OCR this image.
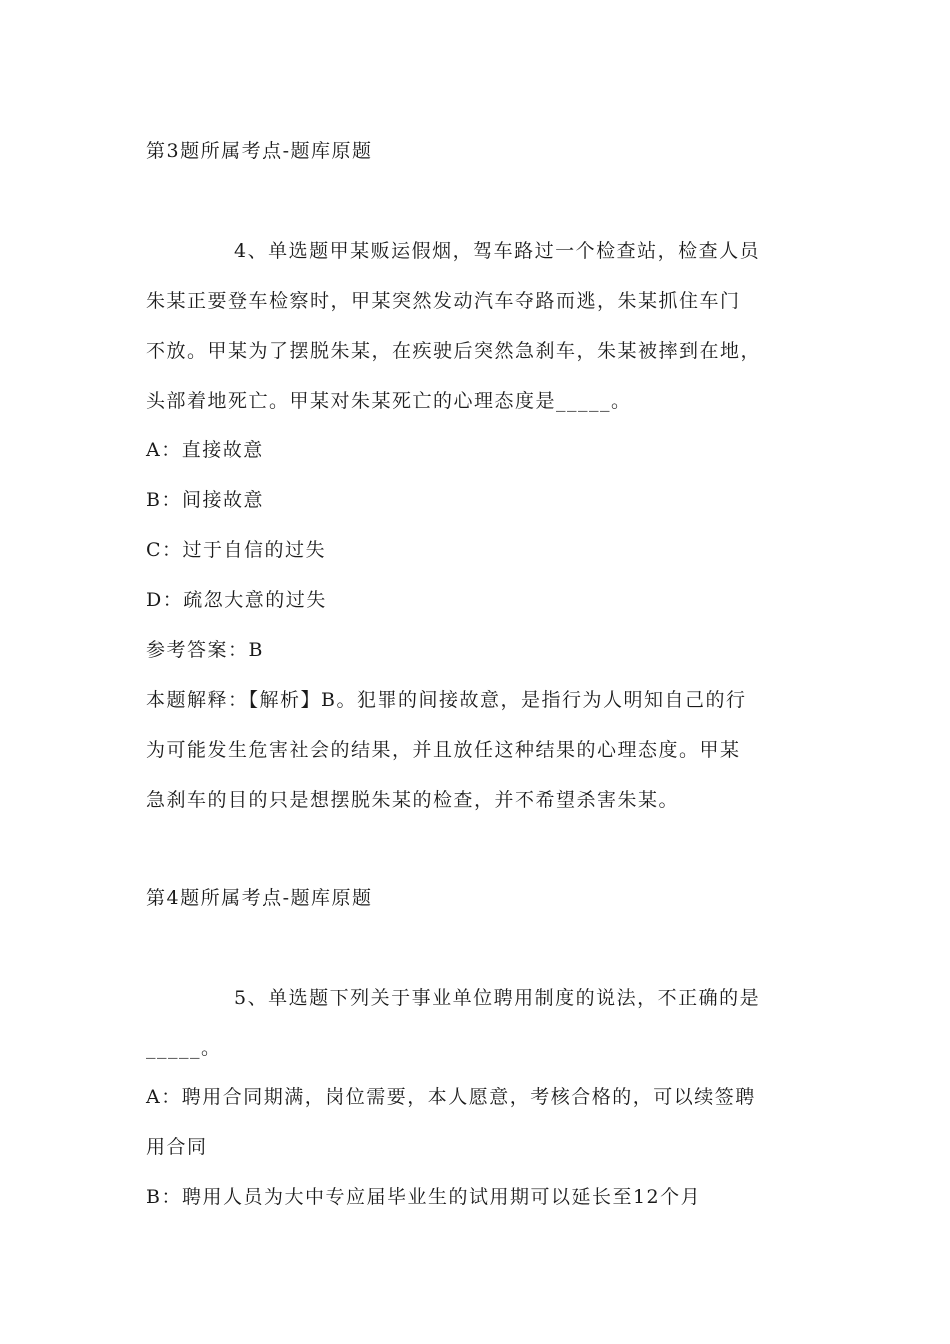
第3题所属考点-题库原题
4、单选题甲某贩运假烟，驾车路过一个检查站，检查人员
朱某正要登车检察时，甲某突然发动汽车夺路而逃，朱某抓住车门
不放。甲某为了摆脱朱某，在疾驶后突然急刹车，朱某被摔到在地，
头部着地死亡。甲某对朱某死亡的心理态度是_____。
A：直接故意
B：间接故意
C：过于自信的过失
D：疏忽大意的过失
参考答案：B
本题解释：【解析】B。犯罪的间接故意，是指行为人明知自己的行
为可能发生危害社会的结果，并且放任这种结果的心理态度。甲某
急刹车的目的只是想摆脱朱某的检查，并不希望杀害朱某。
第4题所属考点-题库原题
5、单选题下列关于事业单位聘用制度的说法，不正确的是
_____。
A：聘用合同期满，岗位需要，本人愿意，考核合格的，可以续签聘
用合同
B：聘用人员为大中专应届毕业生的试用期可以延长至12个月
